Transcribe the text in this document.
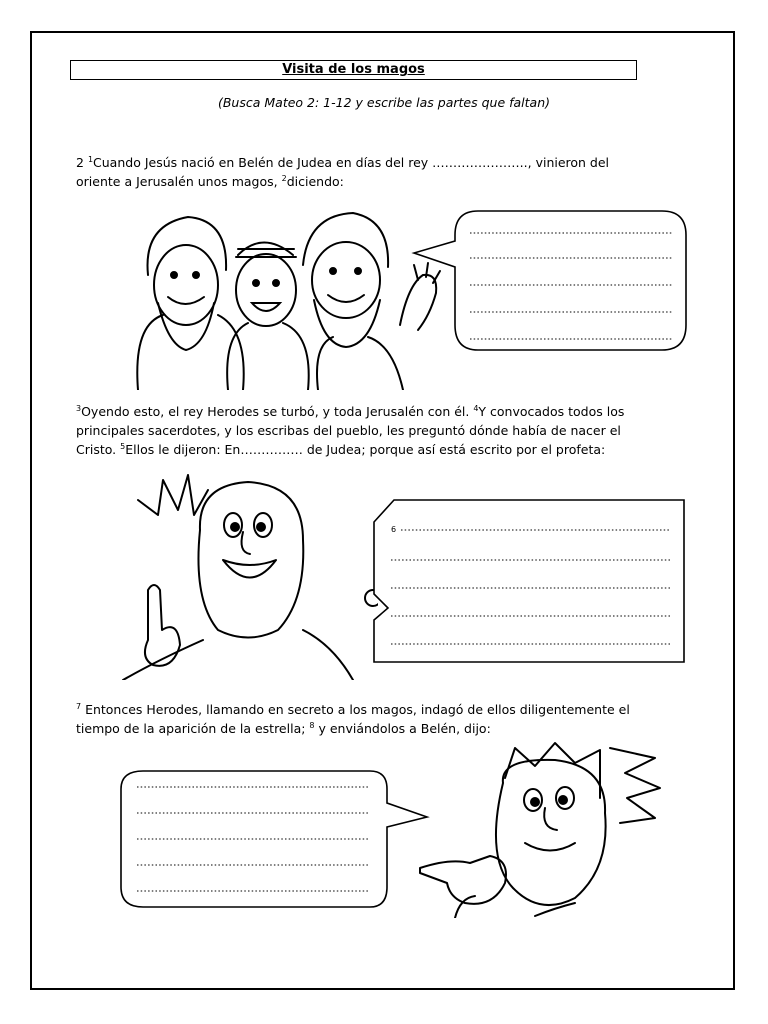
Visita de los magos
(Busca Mateo 2: 1-12 y escribe las partes que faltan)
2 $^1$Cuando Jesús nació en Belén de Judea en días del rey ………………….., vinieron del oriente a Jerusalén unos magos, $^2$diciendo:
$^3$Oyendo esto, el rey Herodes se turbó, y toda Jerusalén con él. $^4$Y convocados todos los principales sacerdotes, y los escribas del pueblo, les preguntó dónde había de nacer el Cristo. $^5$Ellos le dijeron: En…………… de Judea; porque así está escrito por el profeta:
$^7$ Entonces Herodes, llamando en secreto a los magos, indagó de ellos diligentemente el tiempo de la aparición de la estrella; $^8$ y enviándolos a Belén, dijo:
6
